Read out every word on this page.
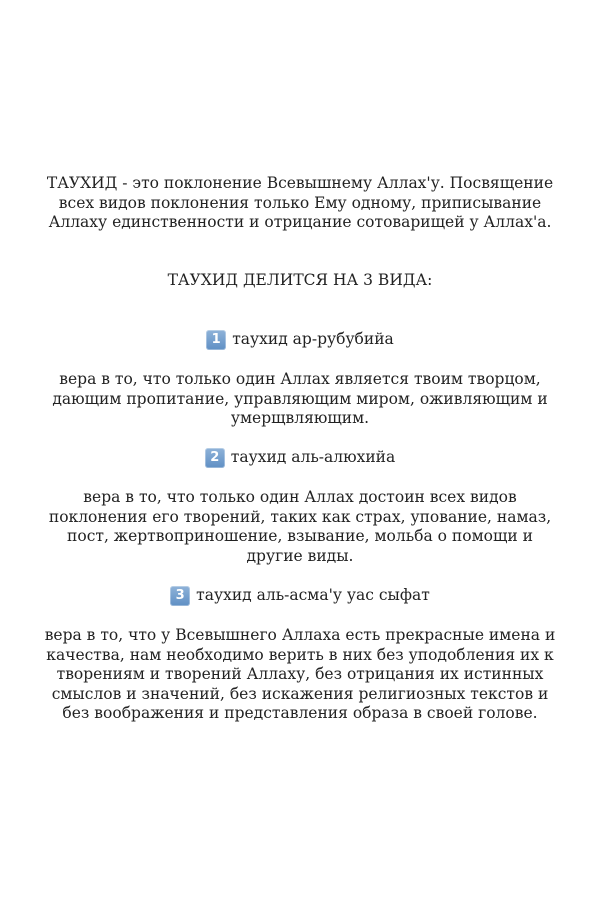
ТАУХИД - это поклонение Всевышнему Аллах'у. Посвящение
всех видов поклонения только Ему одному, приписывание
Аллаху единственности и отрицание сотоварищей у Аллах'а.
ТАУХИД ДЕЛИТСЯ НА 3 ВИДА:
1 таухид ар-рубубийа
вера в то, что только один Аллах является твоим творцом,
дающим пропитание, управляющим миром, оживляющим и
умерщвляющим.
2 таухид аль-алюхийа
вера в то, что только один Аллах достоин всех видов
поклонения его творений, таких как страх, упование, намаз,
пост, жертвоприношение, взывание, мольба о помощи и
другие виды.
3 таухид аль-асма'у уас сыфат
вера в то, что у Всевышнего Аллаха есть прекрасные имена и
качества, нам необходимо верить в них без уподобления их к
творениям и творений Аллаху, без отрицания их истинных
смыслов и значений, без искажения религиозных текстов и
без воображения и представления образа в своей голове.
